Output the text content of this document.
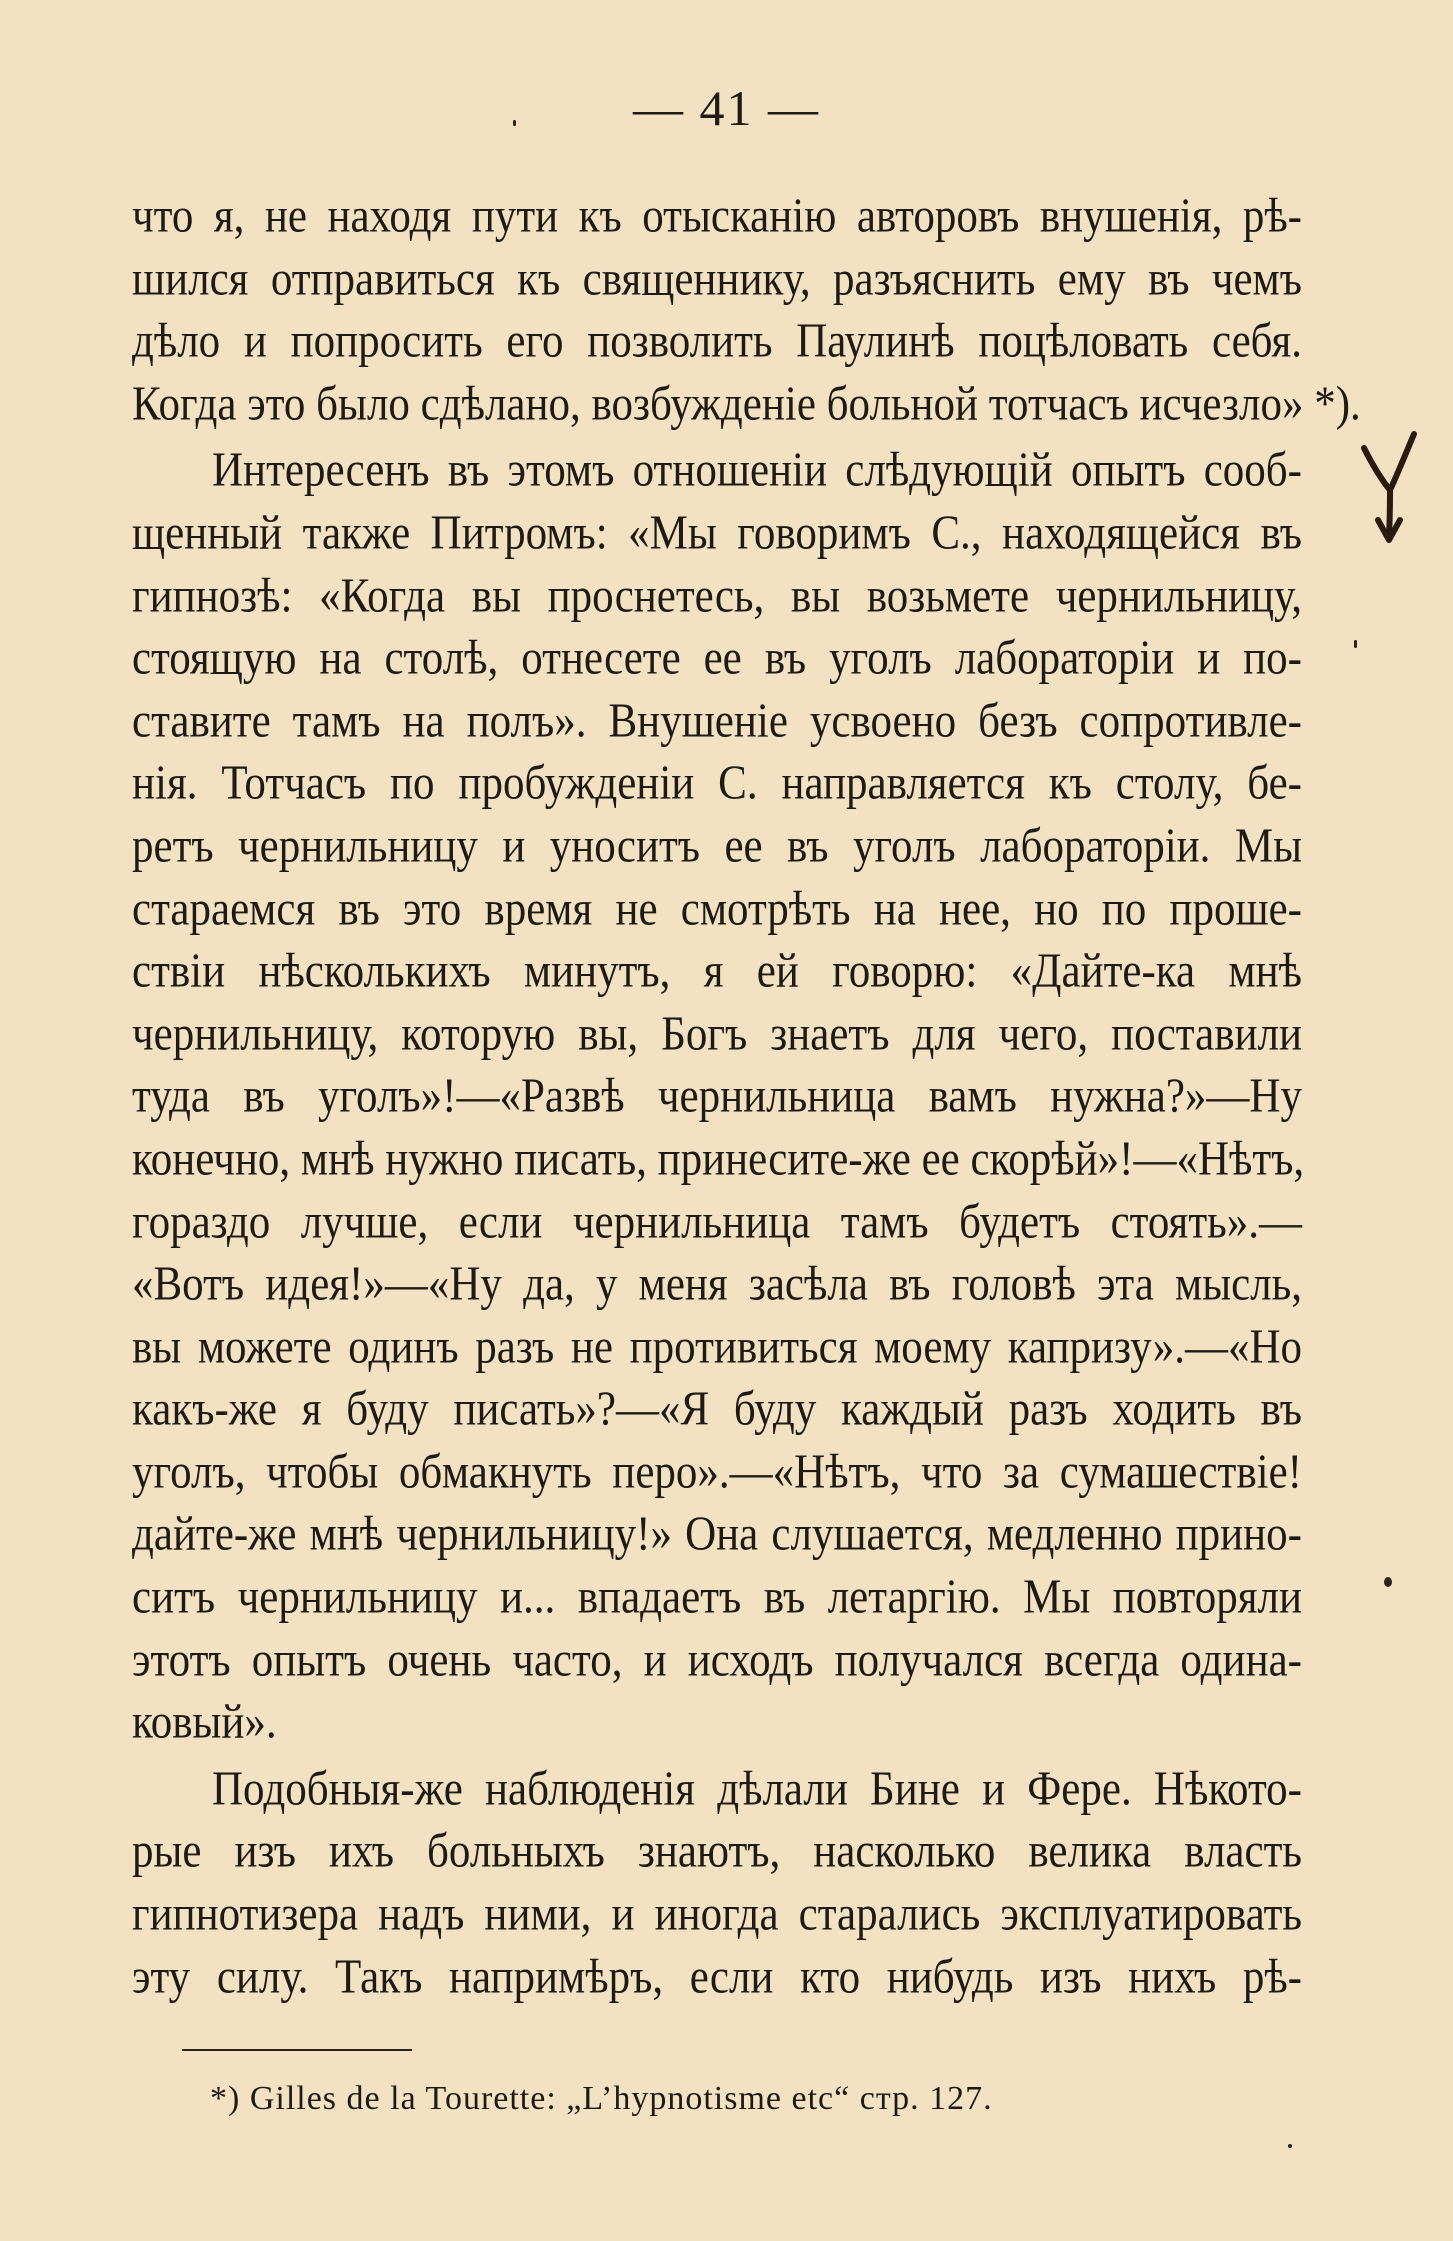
— 41 —
что я, не находя пути къ отысканію авторовъ внушенія, рѣ-
шился отправиться къ священнику, разъяснить ему въ чемъ
дѣло и попросить его позволить Паулинѣ поцѣловать себя.
Когда это было сдѣлано, возбужденіе больной тотчасъ исчезло» *).
Интересенъ въ этомъ отношеніи слѣдующій опытъ сооб-
щенный также Питромъ: «Мы говоримъ С., находящейся въ
гипнозѣ: «Когда вы проснетесь, вы возьмете чернильницу,
стоящую на столѣ, отнесете ее въ уголъ лабораторіи и по-
ставите тамъ на полъ». Внушеніе усвоено безъ сопротивле-
нія. Тотчасъ по пробужденіи С. направляется къ столу, бе-
ретъ чернильницу и уноситъ ее въ уголъ лабораторіи. Мы
стараемся въ это время не смотрѣть на нее, но по проше-
ствіи нѣсколькихъ минутъ, я ей говорю: «Дайте-ка мнѣ
чернильницу, которую вы, Богъ знаетъ для чего, поставили
туда въ уголъ»!—«Развѣ чернильница вамъ нужна?»—Ну
конечно, мнѣ нужно писать, принесите-же ее скорѣй»!—«Нѣтъ,
гораздо лучше, если чернильница тамъ будетъ стоять».—
«Вотъ идея!»—«Ну да, у меня засѣла въ головѣ эта мысль,
вы можете одинъ разъ не противиться моему капризу».—«Но
какъ-же я буду писать»?—«Я буду каждый разъ ходить въ
уголъ, чтобы обмакнуть перо».—«Нѣтъ, что за сумашествіе!
дайте-же мнѣ чернильницу!» Она слушается, медленно прино-
ситъ чернильницу и... впадаетъ въ летаргію. Мы повторяли
этотъ опытъ очень часто, и исходъ получался всегда одина-
ковый».
Подобныя-же наблюденія дѣлали Бине и Фере. Нѣкото-
рые изъ ихъ больныхъ знаютъ, насколько велика власть
гипнотизера надъ ними, и иногда старались эксплуатировать
эту силу. Такъ напримѣръ, если кто нибудь изъ нихъ рѣ-
*) Gilles de la Tourette: „L’hypnotisme etc“ стр. 127.
